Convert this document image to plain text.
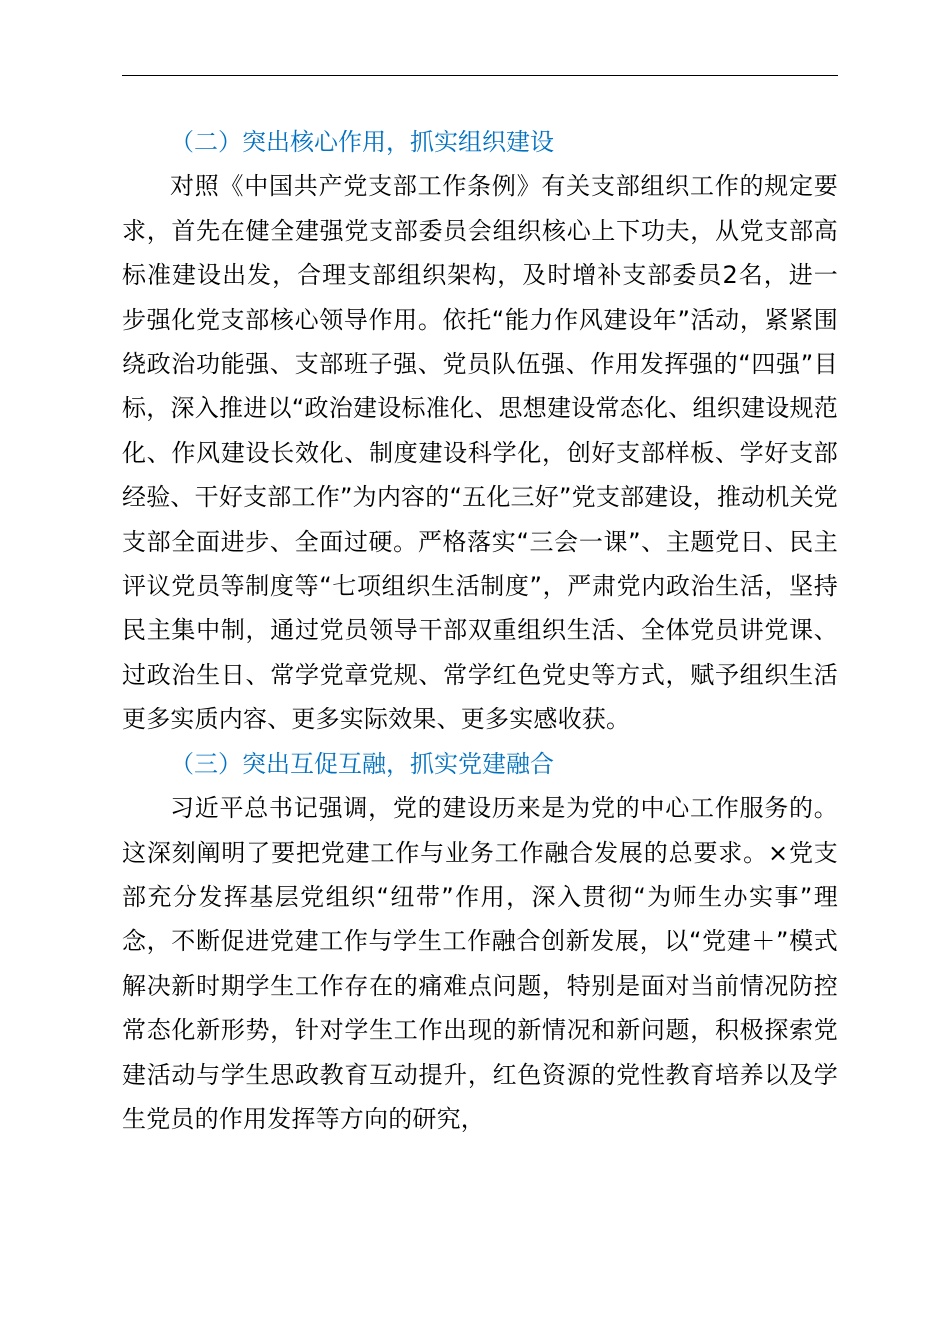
（二）突出核心作用，抓实组织建设

对照《中国共产党支部工作条例》有关支部组织工作的规定要求，首先在健全建强党支部委员会组织核心上下功夫，从党支部高标准建设出发，合理支部组织架构，及时增补支部委员2名，进一步强化党支部核心领导作用。依托“能力作风建设年”活动，紧紧围绕政治功能强、支部班子强、党员队伍强、作用发挥强的“四强”目标，深入推进以“政治建设标准化、思想建设常态化、组织建设规范化、作风建设长效化、制度建设科学化，创好支部样板、学好支部经验、干好支部工作”为内容的“五化三好”党支部建设，推动机关党支部全面进步、全面过硬。严格落实“三会一课”、主题党日、民主评议党员等制度等“七项组织生活制度”，严肃党内政治生活，坚持民主集中制，通过党员领导干部双重组织生活、全体党员讲党课、过政治生日、常学党章党规、常学红色党史等方式，赋予组织生活更多实质内容、更多实际效果、更多实感收获。

（三）突出互促互融，抓实党建融合

习近平总书记强调，党的建设历来是为党的中心工作服务的。这深刻阐明了要把党建工作与业务工作融合发展的总要求。×党支部充分发挥基层党组织“纽带”作用，深入贯彻“为师生办实事”理念，不断促进党建工作与学生工作融合创新发展，以“党建＋”模式解决新时期学生工作存在的痛难点问题，特别是面对当前情况防控常态化新形势，针对学生工作出现的新情况和新问题，积极探索党建活动与学生思政教育互动提升，红色资源的党性教育培养以及学生党员的作用发挥等方向的研究，
